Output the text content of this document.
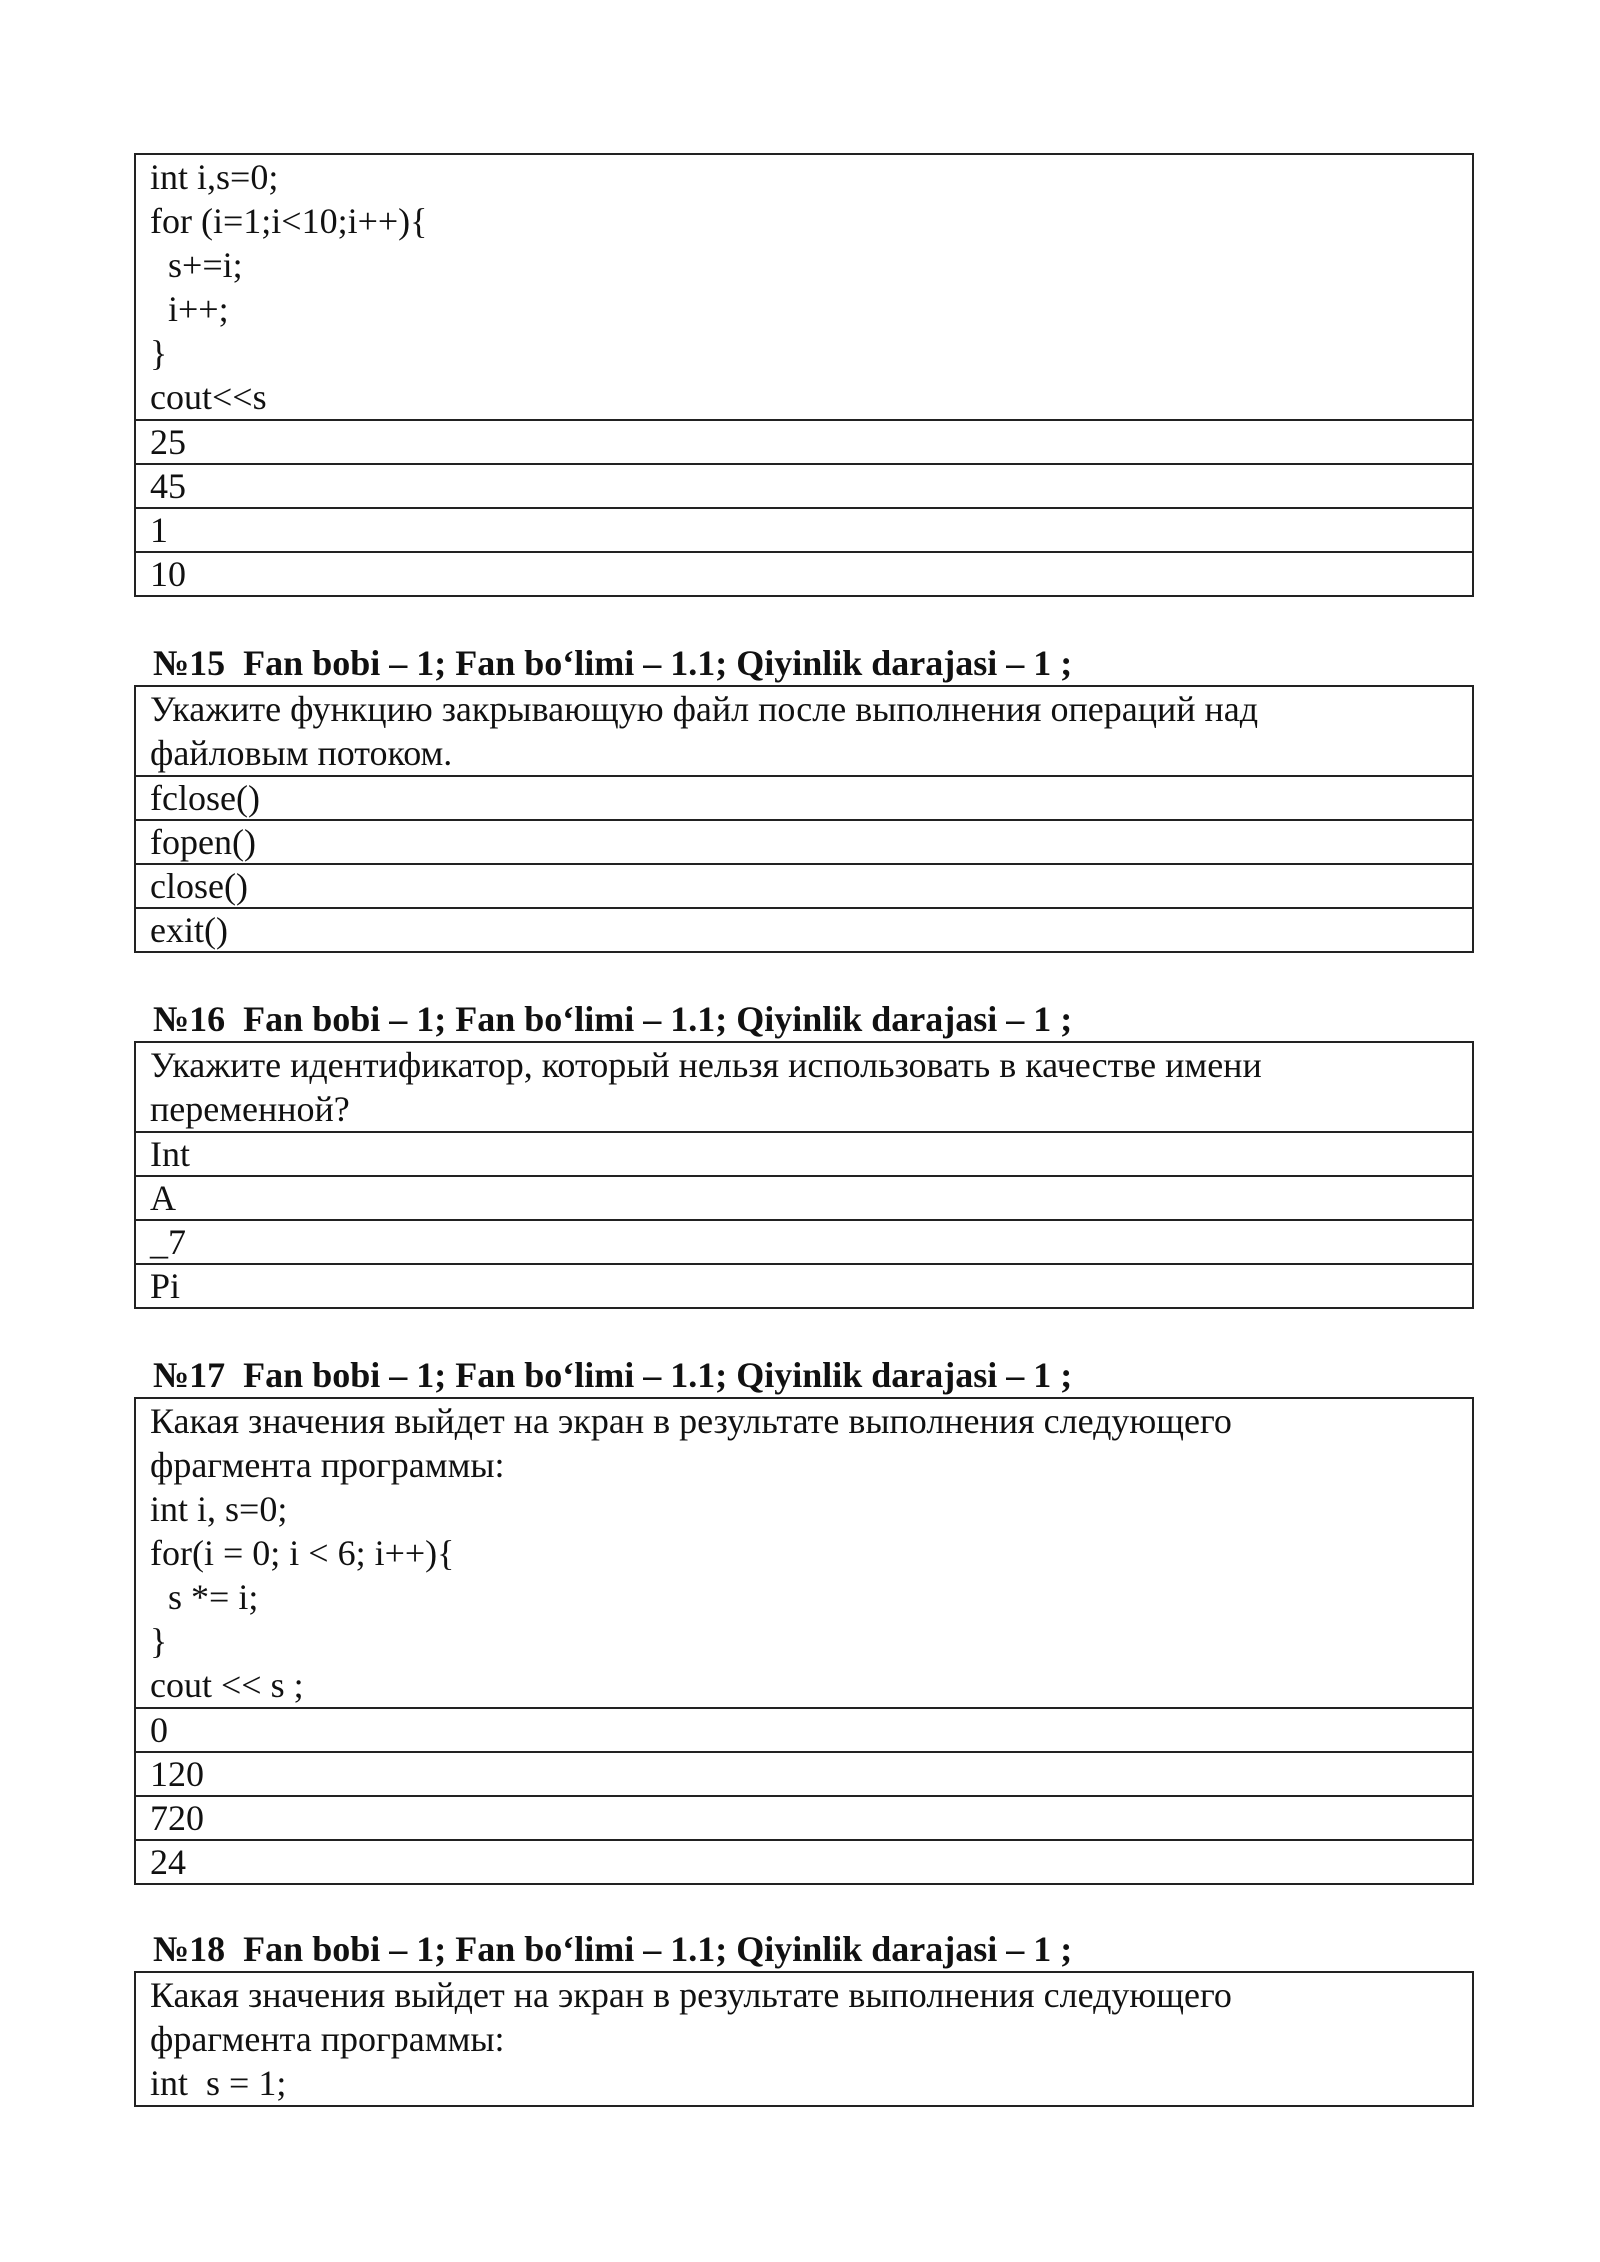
int i,s=0;
for (i=1;i<10;i++){
s+=i;
i++;
}
cout<<s

25
45
1
10
№15  Fan bobi – 1; Fan boʻlimi – 1.1; Qiyinlik darajasi – 1 ;
Укажите функцию закрывающую файл после выполнения операций над
файловым потоком.

fclose()
fopen()
close()
exit()
№16  Fan bobi – 1; Fan boʻlimi – 1.1; Qiyinlik darajasi – 1 ;
Укажите идентификатор, который нельзя использовать в качестве имени
переменной?

Int
A
_7
Pi
№17  Fan bobi – 1; Fan boʻlimi – 1.1; Qiyinlik darajasi – 1 ;
Какая значения выйдет на экран в результате выполнения следующего
фрагмента программы:
int i, s=0;
for(i = 0; i < 6; i++){
s *= i;
}
cout << s ;

0
120
720
24
№18  Fan bobi – 1; Fan boʻlimi – 1.1; Qiyinlik darajasi – 1 ;
Какая значения выйдет на экран в результате выполнения следующего
фрагмента программы:
int  s = 1;
